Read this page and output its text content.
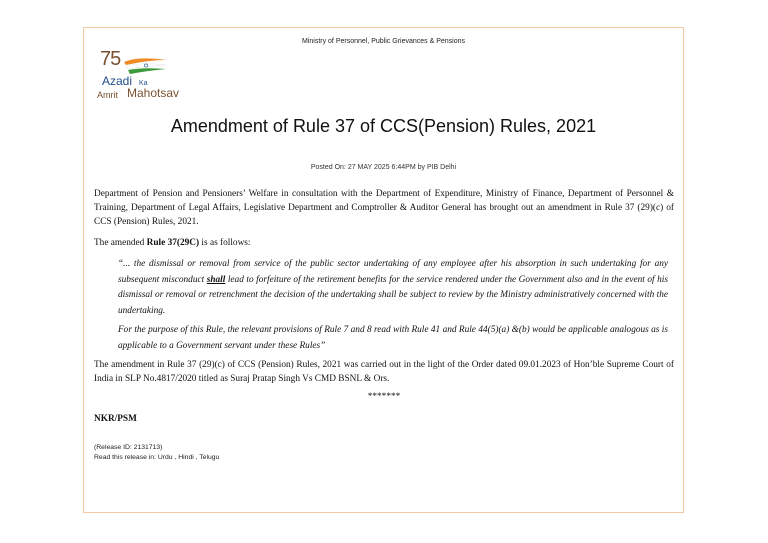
Ministry of Personnel, Public Grievances & Pensions
75
Azadi Ka
Amrit Mahotsav
Amendment of Rule 37 of CCS(Pension) Rules, 2021
Posted On: 27 MAY 2025 6:44PM by PIB Delhi

Department of Pension and Pensioners’ Welfare in consultation with the Department of Expenditure, Ministry of Finance, Department of Personnel & Training, Department of Legal Affairs, Legislative Department and Comptroller & Auditor General has brought out an amendment in Rule 37 (29)(c) of CCS (Pension) Rules, 2021.

The amended Rule 37(29C) is as follows:

“... the dismissal or removal from service of the public sector undertaking of any employee after his absorption in such undertaking for any subsequent misconduct shall lead to forfeiture of the retirement benefits for the service rendered under the Government also and in the event of his dismissal or removal or retrenchment the decision of the undertaking shall be subject to review by the Ministry administratively concerned with the undertaking.

For the purpose of this Rule, the relevant provisions of Rule 7 and 8 read with Rule 41 and Rule 44(5)(a) &(b) would be applicable analogous as is applicable to a Government servant under these Rules”

The amendment in Rule 37 (29)(c) of CCS (Pension) Rules, 2021 was carried out in the light of the Order dated 09.01.2023 of Hon’ble Supreme Court of India in SLP No.4817/2020 titled as Suraj Pratap Singh Vs CMD BSNL & Ors.

*******
NKR/PSM
(Release ID: 2131713)
Read this release in: Urdu , Hindi , Telugu
